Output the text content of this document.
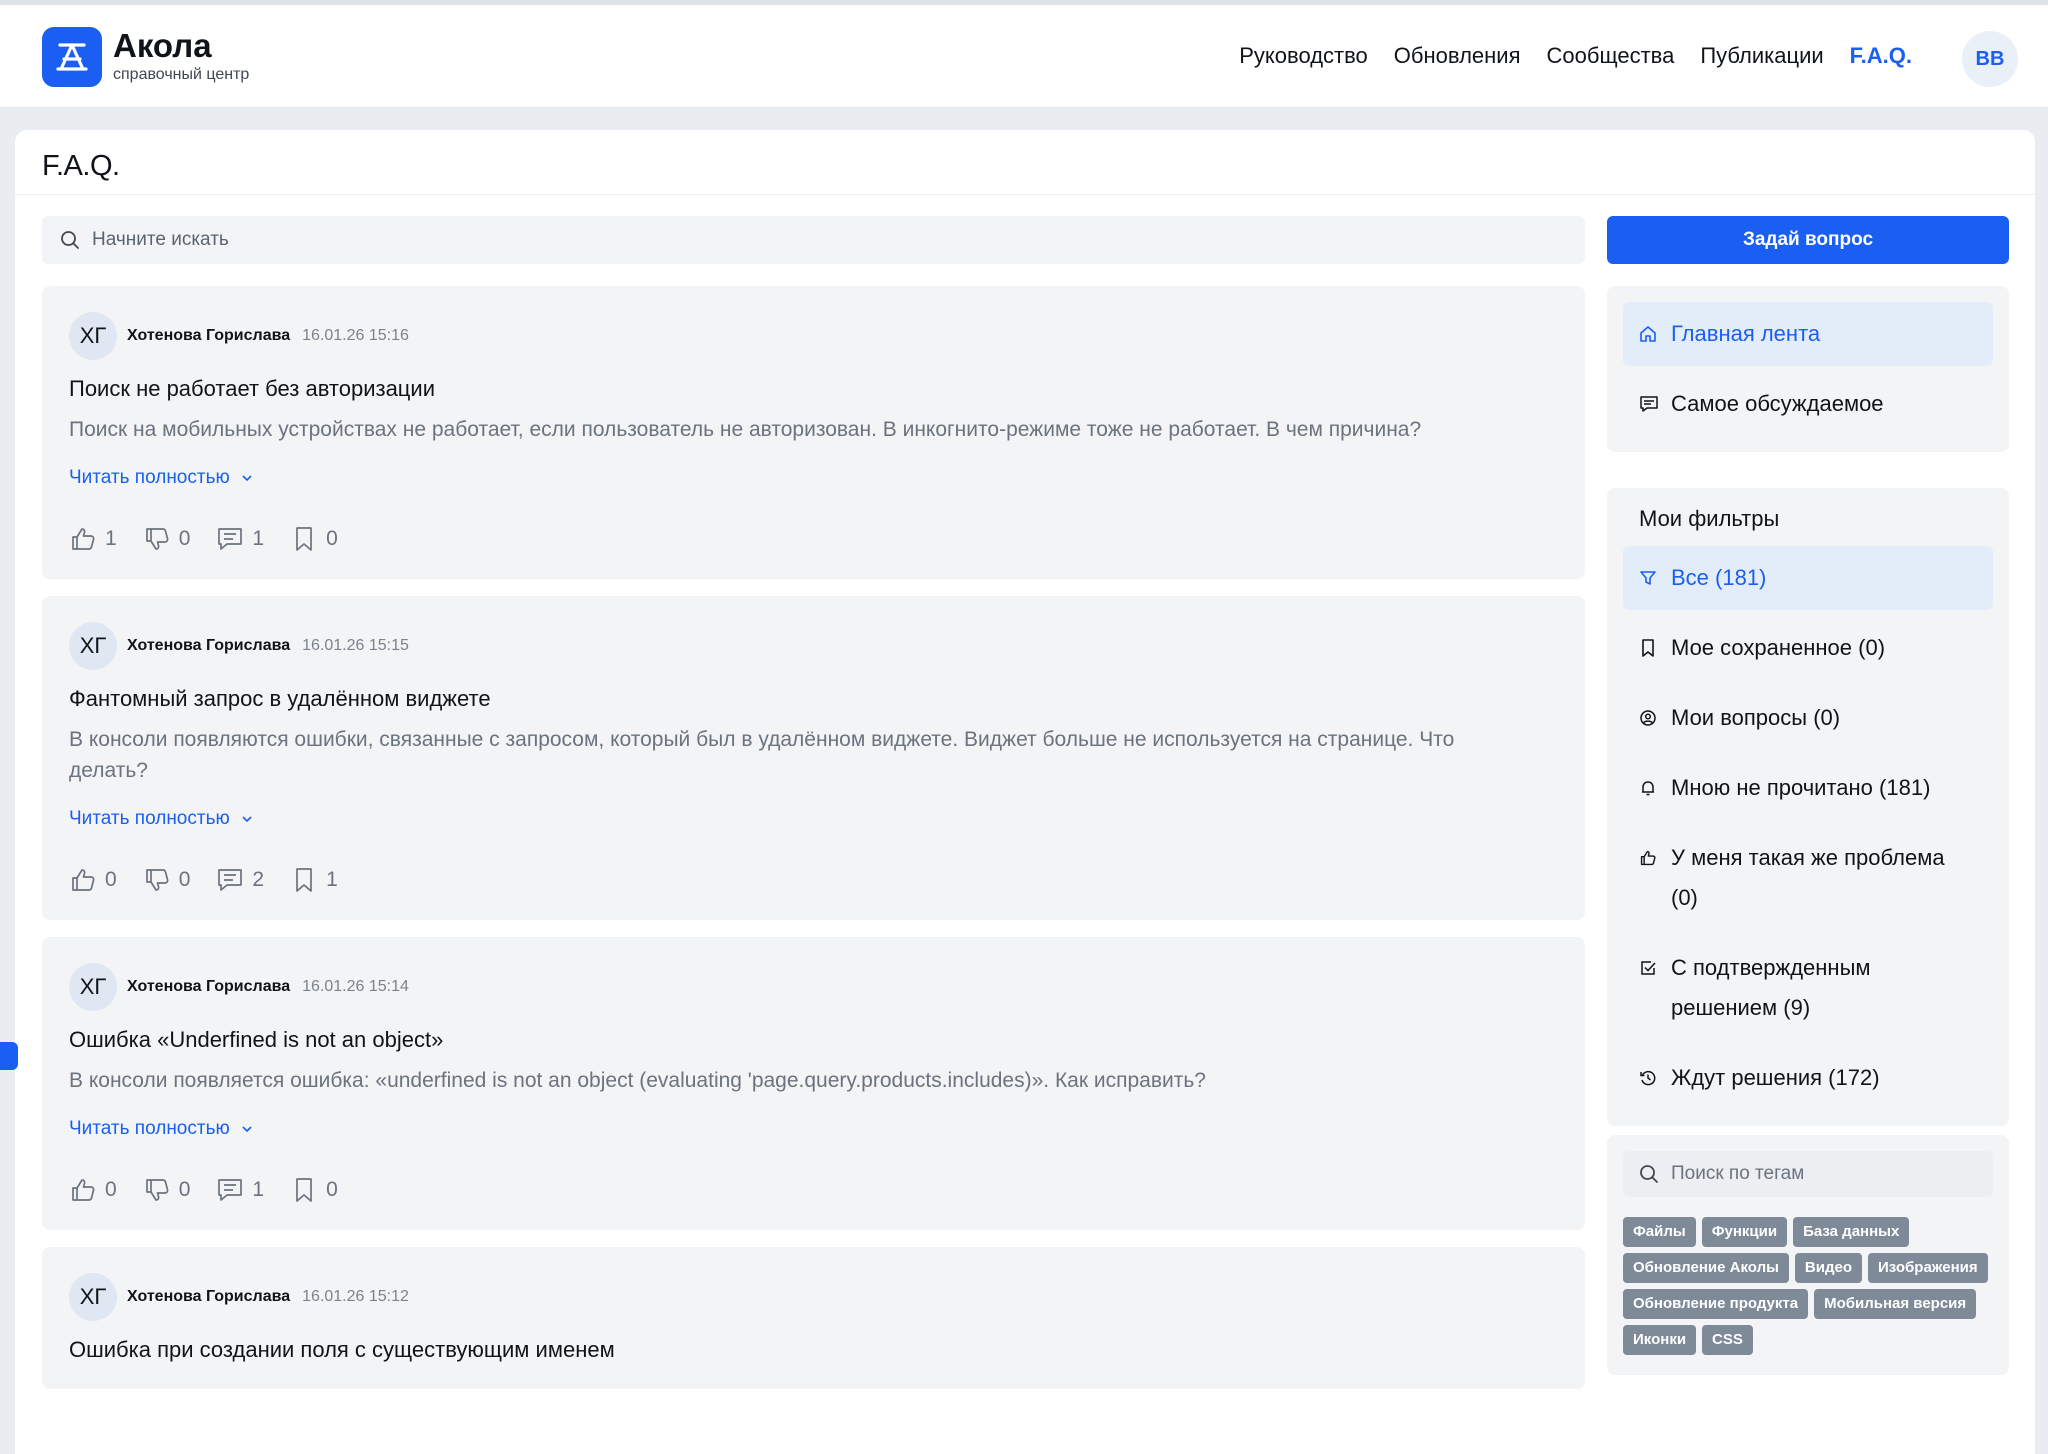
Акола
справочный центр
Руководство Обновления Сообщества Публикации F.A.Q.	ВВ
F.A.Q.
Начните искать
Задай вопрос
ХГ	Хотенова Горислава 16.01.26 15:16
Поиск не работает без авторизации
Поиск на мобильных устройствах не работает, если пользователь не авторизован. В инкогнито-режиме тоже не работает. В чем причина?
Читать полностью
1	0	1	0
ХГ	Хотенова Горислава 16.01.26 15:15
Фантомный запрос в удалённом виджете
В консоли появляются ошибки, связанные с запросом, который был в удалённом виджете. Виджет больше не используется на странице. Что делать?
Читать полностью
0	0	2	1
ХГ	Хотенова Горислава 16.01.26 15:14
Ошибка «Underfined is not an object»
В консоли появляется ошибка: «underfined is not an object (evaluating 'page.query.products.includes)». Как исправить?
Читать полностью
0	0	1	0
ХГ	Хотенова Горислава 16.01.26 15:12
Ошибка при создании поля с существующим именем
Главная лента
Самое обсуждаемое
Мои фильтры
Все (181)
Мое сохраненное (0)
Мои вопросы (0)
Мною не прочитано (181)
У меня такая же проблема (0)
С подтвержденным решением (9)
Ждут решения (172)
Поиск по тегам
Файлы	Функции	База данных
Обновление Аколы	Видео	Изображения
Обновление продукта	Мобильная версия
Иконки	CSS
